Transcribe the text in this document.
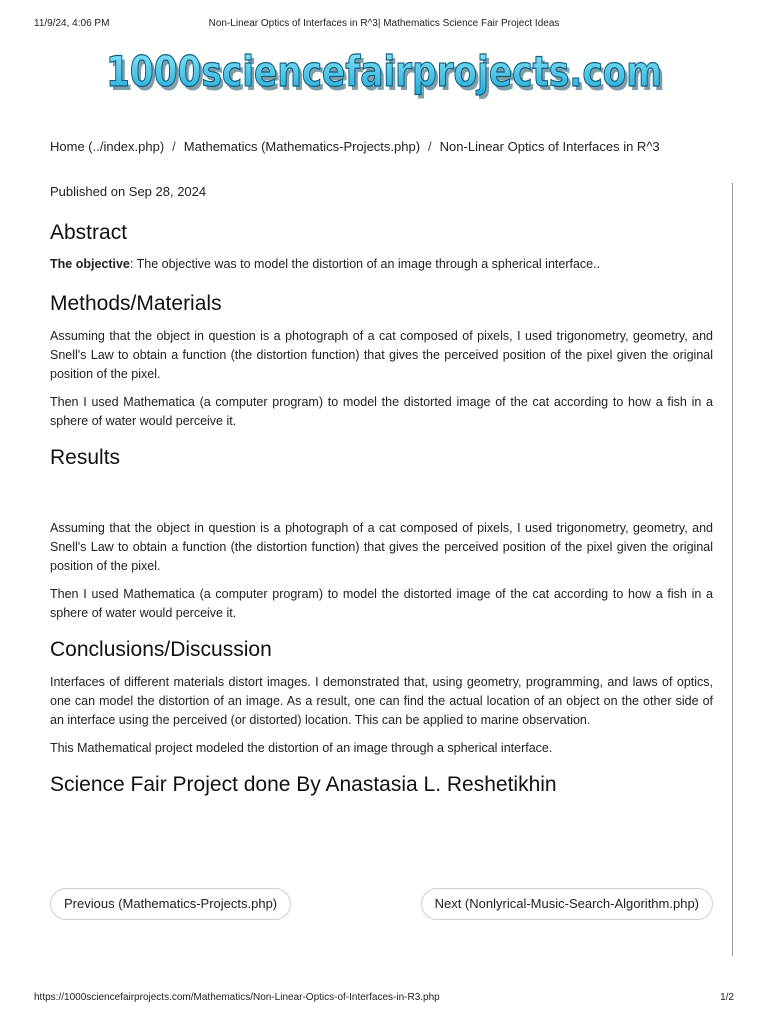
11/9/24, 4:06 PM	Non-Linear Optics of Interfaces in R^3| Mathematics Science Fair Project Ideas
1000sciencefairprojects.com
1000sciencefairprojects.com
Home (../index.php) / Mathematics (Mathematics-Projects.php) / Non-Linear Optics of Interfaces in R^3
Published on Sep 28, 2024
Abstract

The objective: The objective was to model the distortion of an image through a spherical interface..

Methods/Materials

Assuming that the object in question is a photograph of a cat composed of pixels, I used trigonometry, geometry, and Snell's Law to obtain a function (the distortion function) that gives the perceived position of the pixel given the original position of the pixel.

Then I used Mathematica (a computer program) to model the distorted image of the cat according to how a fish in a sphere of water would perceive it.

Results

Assuming that the object in question is a photograph of a cat composed of pixels, I used trigonometry, geometry, and Snell's Law to obtain a function (the distortion function) that gives the perceived position of the pixel given the original position of the pixel.

Then I used Mathematica (a computer program) to model the distorted image of the cat according to how a fish in a sphere of water would perceive it.

Conclusions/Discussion

Interfaces of different materials distort images. I demonstrated that, using geometry, programming, and laws of optics, one can model the distortion of an image. As a result, one can find the actual location of an object on the other side of an interface using the perceived (or distorted) location. This can be applied to marine observation.

This Mathematical project modeled the distortion of an image through a spherical interface.

Science Fair Project done By Anastasia L. Reshetikhin
Previous (Mathematics-Projects.php)	Next (Nonlyrical-Music-Search-Algorithm.php)
https://1000sciencefairprojects.com/Mathematics/Non-Linear-Optics-of-Interfaces-in-R3.php	1/2
